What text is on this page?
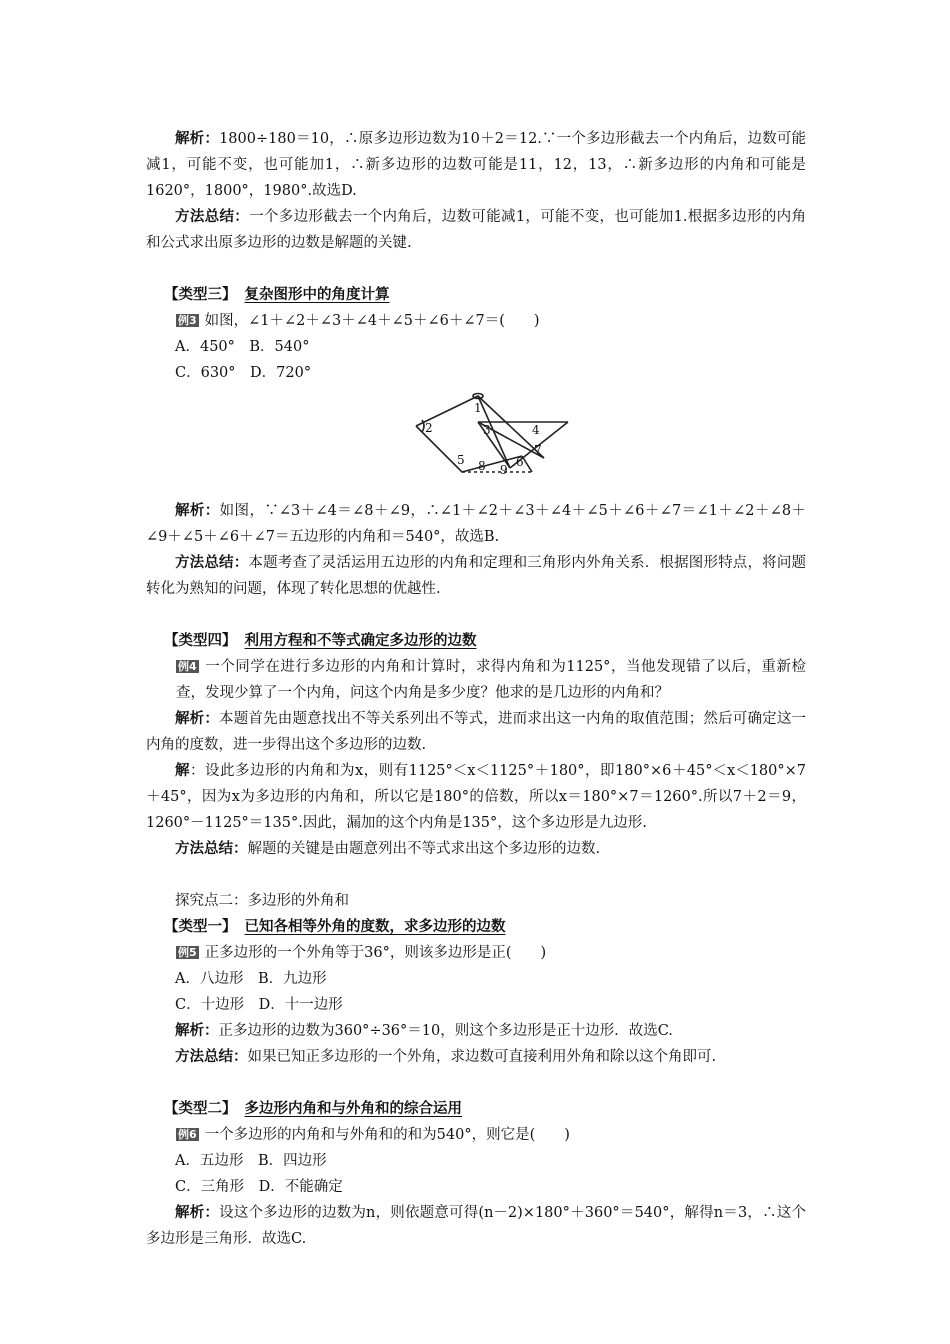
解析：1800÷180＝10，∴原多边形边数为10＋2＝12.∵一个多边形截去一个内角后，边数可能减1，可能不变，也可能加1，∴新多边形的边数可能是11，12，13，∴新多边形的内角和可能是1620°，1800°，1980°.故选D.

方法总结：一个多边形截去一个内角后，边数可能减1，可能不变，也可能加1.根据多边形的内角和公式求出原多边形的边数是解题的关键.

【类型三】 复杂图形中的角度计算

例3 如图，∠1＋∠2＋∠3＋∠4＋∠5＋∠6＋∠7＝(　　)

A．450°　B．540°

C．630°　D．720°

1
2	3	4
5	6
7
8 9

解析：如图，∵∠3＋∠4＝∠8＋∠9，∴∠1＋∠2＋∠3＋∠4＋∠5＋∠6＋∠7＝∠1＋∠2＋∠8＋∠9＋∠5＋∠6＋∠7＝五边形的内角和＝540°，故选B.

方法总结：本题考查了灵活运用五边形的内角和定理和三角形内外角关系．根据图形特点，将问题转化为熟知的问题，体现了转化思想的优越性.

【类型四】 利用方程和不等式确定多边形的边数

例4 一个同学在进行多边形的内角和计算时，求得内角和为1125°，当他发现错了以后，重新检查，发现少算了一个内角，问这个内角是多少度？他求的是几边形的内角和？

解析：本题首先由题意找出不等关系列出不等式，进而求出这一内角的取值范围；然后可确定这一内角的度数，进一步得出这个多边形的边数.

解：设此多边形的内角和为x，则有1125°＜x＜1125°＋180°，即180°×6＋45°＜x＜180°×7＋45°，因为x为多边形的内角和，所以它是180°的倍数，所以x＝180°×7＝1260°.所以7＋2＝9，1260°－1125°＝135°.因此，漏加的这个内角是135°，这个多边形是九边形.

方法总结：解题的关键是由题意列出不等式求出这个多边形的边数.

探究点二：多边形的外角和

【类型一】 已知各相等外角的度数，求多边形的边数

例5 正多边形的一个外角等于36°，则该多边形是正(　　)

A．八边形　B．九边形

C．十边形　D．十一边形

解析：正多边形的边数为360°÷36°＝10，则这个多边形是正十边形．故选C.

方法总结：如果已知正多边形的一个外角，求边数可直接利用外角和除以这个角即可.

【类型二】 多边形内角和与外角和的综合运用

例6 一个多边形的内角和与外角和的和为540°，则它是(　　)

A．五边形　B．四边形

C．三角形　D．不能确定

解析：设这个多边形的边数为n，则依题意可得(n－2)×180°＋360°＝540°，解得n＝3，∴这个多边形是三角形．故选C.
